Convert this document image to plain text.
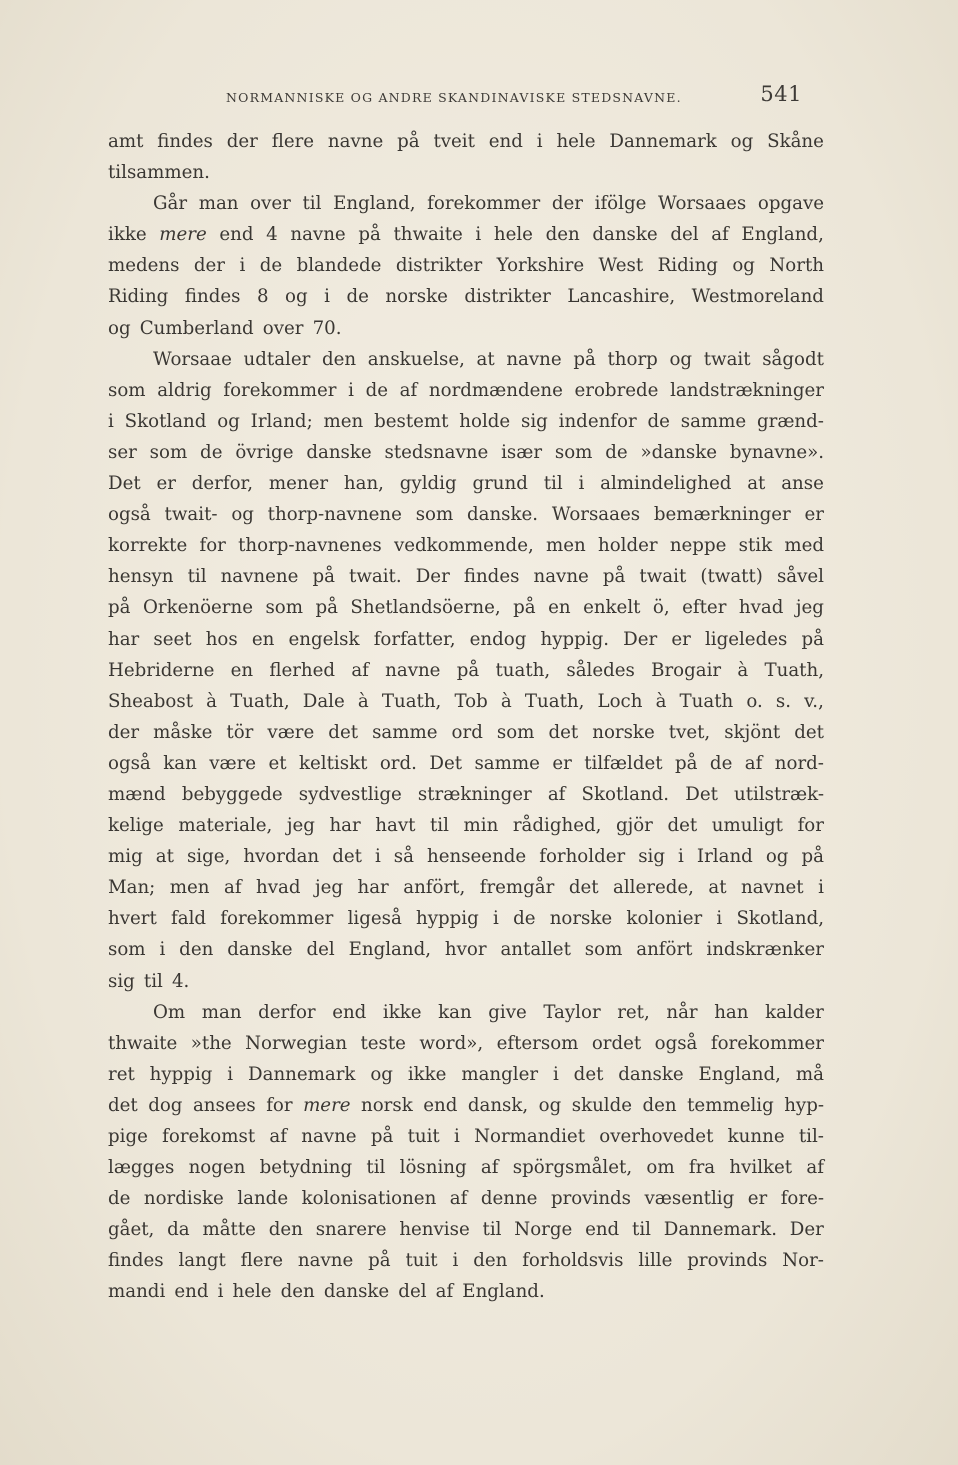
NORMANNISKE OG ANDRE SKANDINAVISKE STEDSNAVNE.	541
amt findes der flere navne på tveit end i hele Dannemark og Skåne
tilsammen.
Går man over til England, forekommer der ifölge Worsaaes opgave
ikke mere end 4 navne på thwaite i hele den danske del af England,
medens der i de blandede distrikter Yorkshire West Riding og North
Riding findes 8 og i de norske distrikter Lancashire, Westmoreland
og Cumberland over 70.
Worsaae udtaler den anskuelse, at navne på thorp og twait sågodt
som aldrig forekommer i de af nordmændene erobrede landstrækninger
i Skotland og Irland; men bestemt holde sig indenfor de samme grænd-
ser som de övrige danske stedsnavne især som de »danske bynavne».
Det er derfor, mener han, gyldig grund til i almindelighed at anse
også twait- og thorp-navnene som danske. Worsaaes bemærkninger er
korrekte for thorp-navnenes vedkommende, men holder neppe stik med
hensyn til navnene på twait. Der findes navne på twait (twatt) såvel
på Orkenöerne som på Shetlandsöerne, på en enkelt ö, efter hvad jeg
har seet hos en engelsk forfatter, endog hyppig. Der er ligeledes på
Hebriderne en flerhed af navne på tuath, således Brogair à Tuath,
Sheabost à Tuath, Dale à Tuath, Tob à Tuath, Loch à Tuath o. s. v.,
der måske tör være det samme ord som det norske tvet, skjönt det
også kan være et keltiskt ord. Det samme er tilfældet på de af nord-
mænd bebyggede sydvestlige strækninger af Skotland. Det utilstræk-
kelige materiale, jeg har havt til min rådighed, gjör det umuligt for
mig at sige, hvordan det i så henseende forholder sig i Irland og på
Man; men af hvad jeg har anfört, fremgår det allerede, at navnet i
hvert fald forekommer ligeså hyppig i de norske kolonier i Skotland,
som i den danske del England, hvor antallet som anfört indskrænker
sig til 4.
Om man derfor end ikke kan give Taylor ret, når han kalder
thwaite »the Norwegian teste word», eftersom ordet også forekommer
ret hyppig i Dannemark og ikke mangler i det danske England, må
det dog ansees for mere norsk end dansk, og skulde den temmelig hyp-
pige forekomst af navne på tuit i Normandiet overhovedet kunne til-
lægges nogen betydning til lösning af spörgsmålet, om fra hvilket af
de nordiske lande kolonisationen af denne provinds væsentlig er fore-
gået, da måtte den snarere henvise til Norge end til Dannemark. Der
findes langt flere navne på tuit i den forholdsvis lille provinds Nor-
mandi end i hele den danske del af England.
